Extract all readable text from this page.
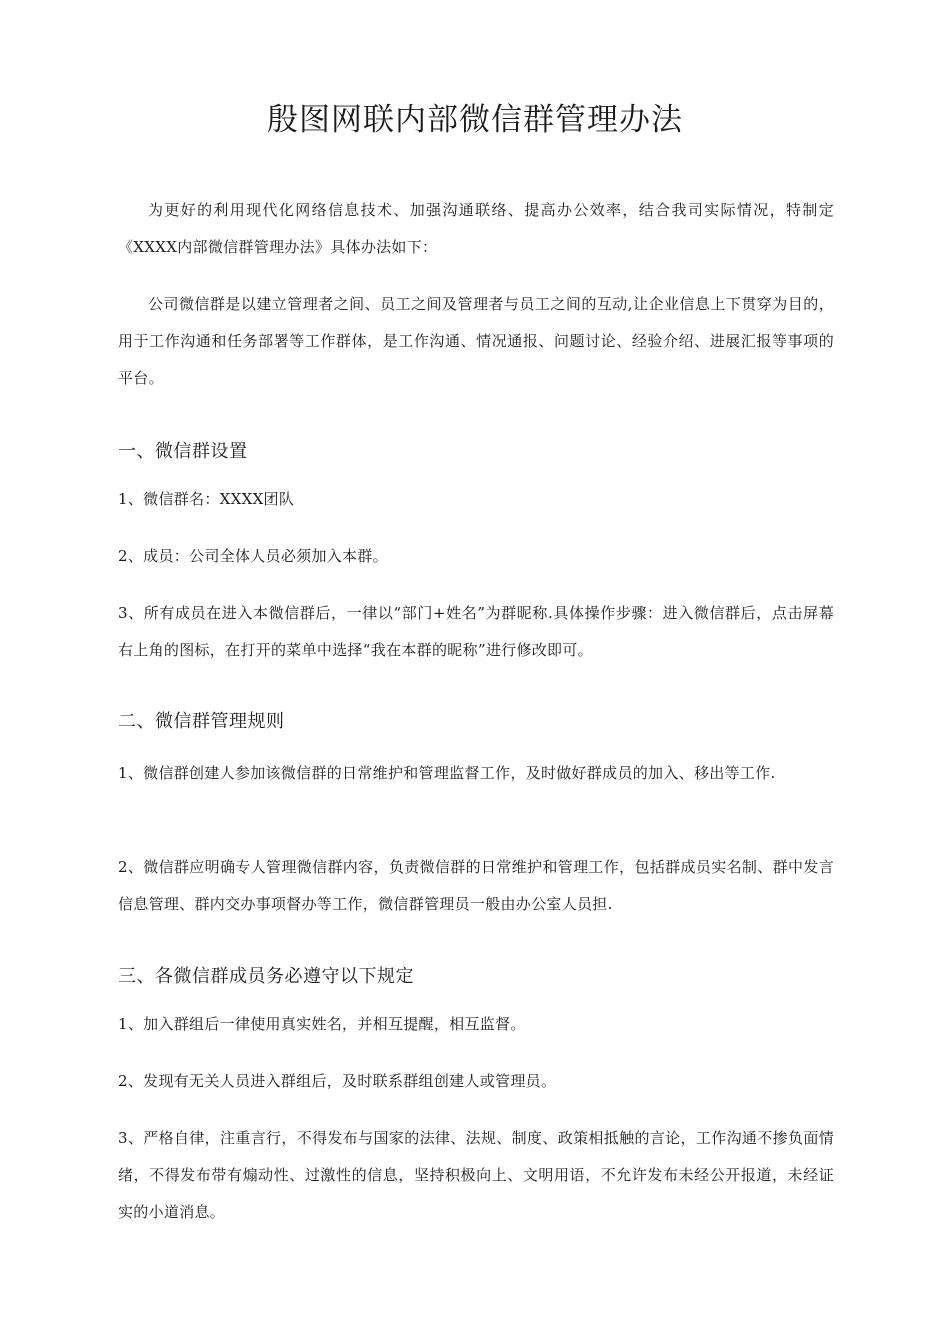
殷图网联内部微信群管理办法

为更好的利用现代化网络信息技术、加强沟通联络、提高办公效率，结合我司实际情况，特制定《XXXX内部微信群管理办法》具体办法如下：

公司微信群是以建立管理者之间、员工之间及管理者与员工之间的互动,让企业信息上下贯穿为目的，用于工作沟通和任务部署等工作群体，是工作沟通、情况通报、问题讨论、经验介绍、进展汇报等事项的平台。

一、微信群设置

1、微信群名：XXXX团队

2、成员：公司全体人员必须加入本群。

3、所有成员在进入本微信群后，一律以“部门+姓名”为群昵称.具体操作步骤：进入微信群后，点击屏幕右上角的图标，在打开的菜单中选择“我在本群的昵称”进行修改即可。

二、微信群管理规则

1、微信群创建人参加该微信群的日常维护和管理监督工作，及时做好群成员的加入、移出等工作.

2、微信群应明确专人管理微信群内容，负责微信群的日常维护和管理工作，包括群成员实名制、群中发言信息管理、群内交办事项督办等工作，微信群管理员一般由办公室人员担.

三、各微信群成员务必遵守以下规定

1、加入群组后一律使用真实姓名，并相互提醒，相互监督。

2、发现有无关人员进入群组后，及时联系群组创建人或管理员。

3、严格自律，注重言行，不得发布与国家的法律、法规、制度、政策相抵触的言论，工作沟通不掺负面情绪，不得发布带有煽动性、过激性的信息，坚持积极向上、文明用语，不允许发布未经公开报道，未经证实的小道消息。
